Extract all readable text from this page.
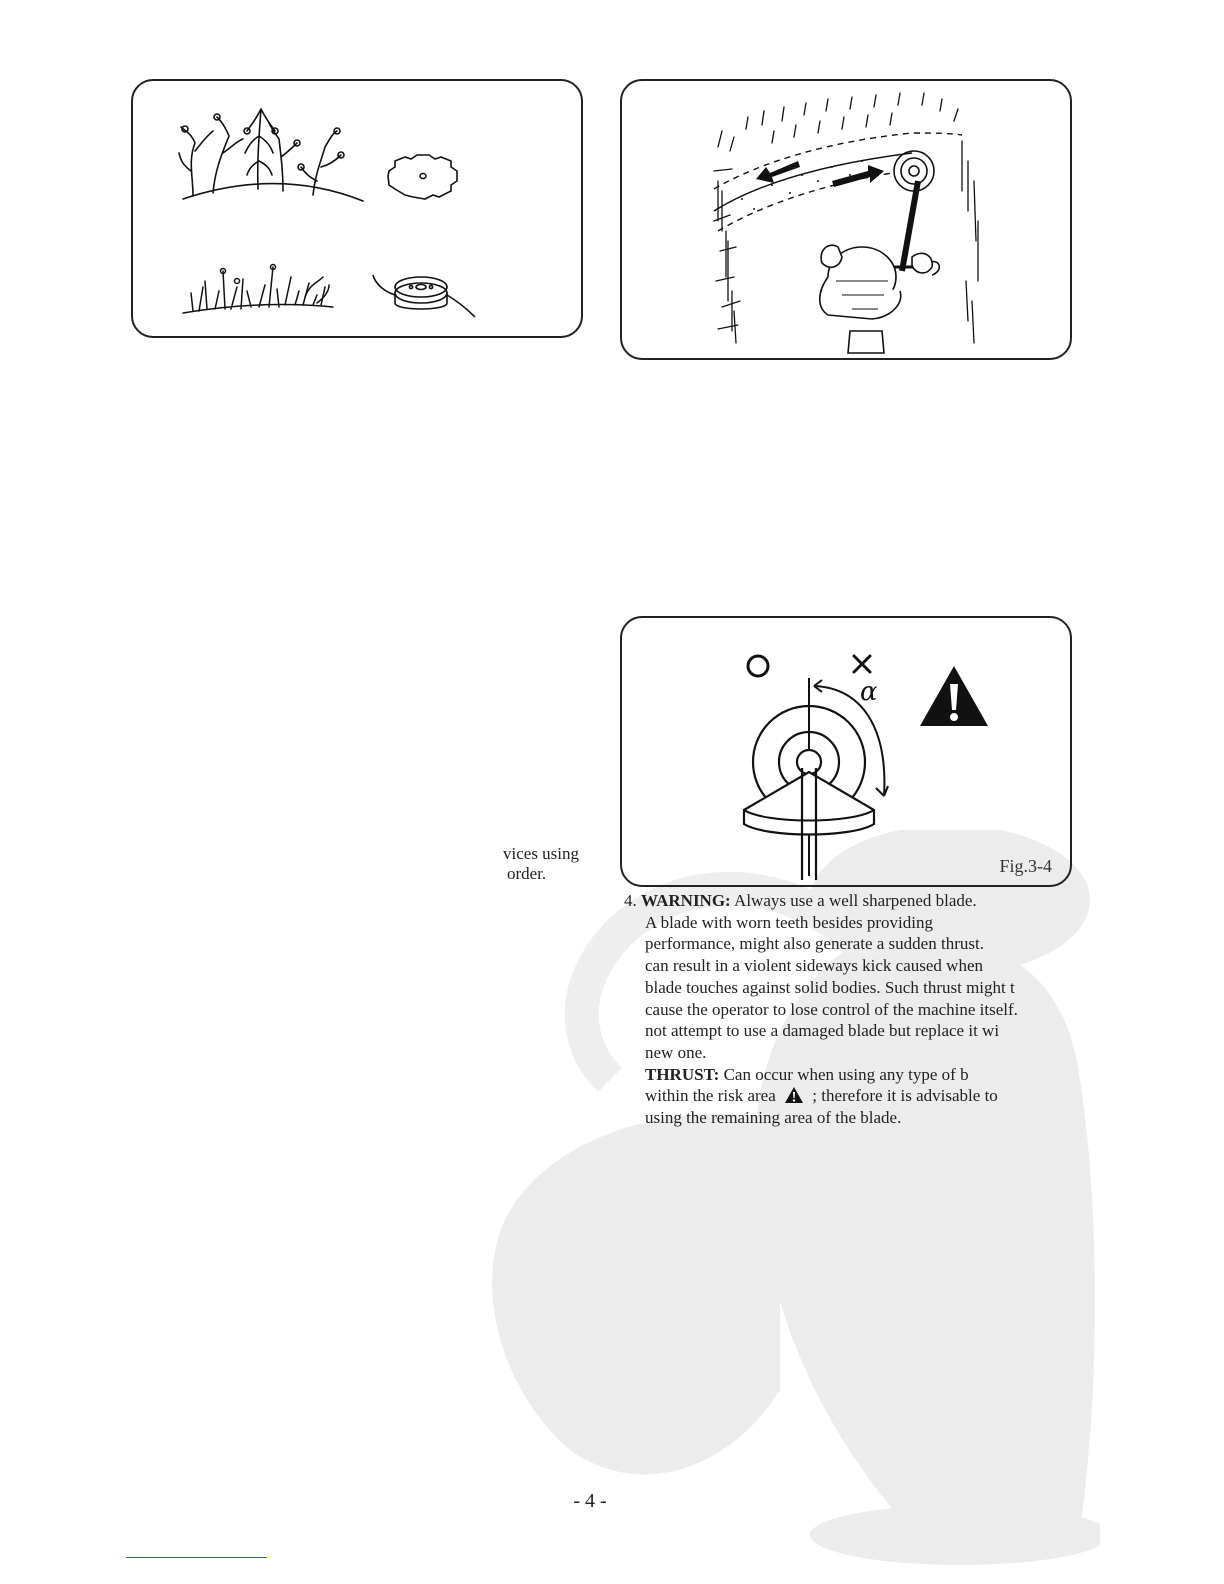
α
Fig.3-4
vices using
order.

4. WARNING: Always use a well sharpened blade.

A blade with worn teeth besides providing

performance, might also generate a sudden thrust.

can result in a violent sideways kick caused when

blade touches against solid bodies. Such thrust might t

cause the operator to lose control of the machine itself.

not attempt to use a damaged blade but replace it wi

new one.

THRUST: Can occur when using any type of b

within the risk area ; therefore it is advisable to

using the remaining area of the blade.

- 4 -
